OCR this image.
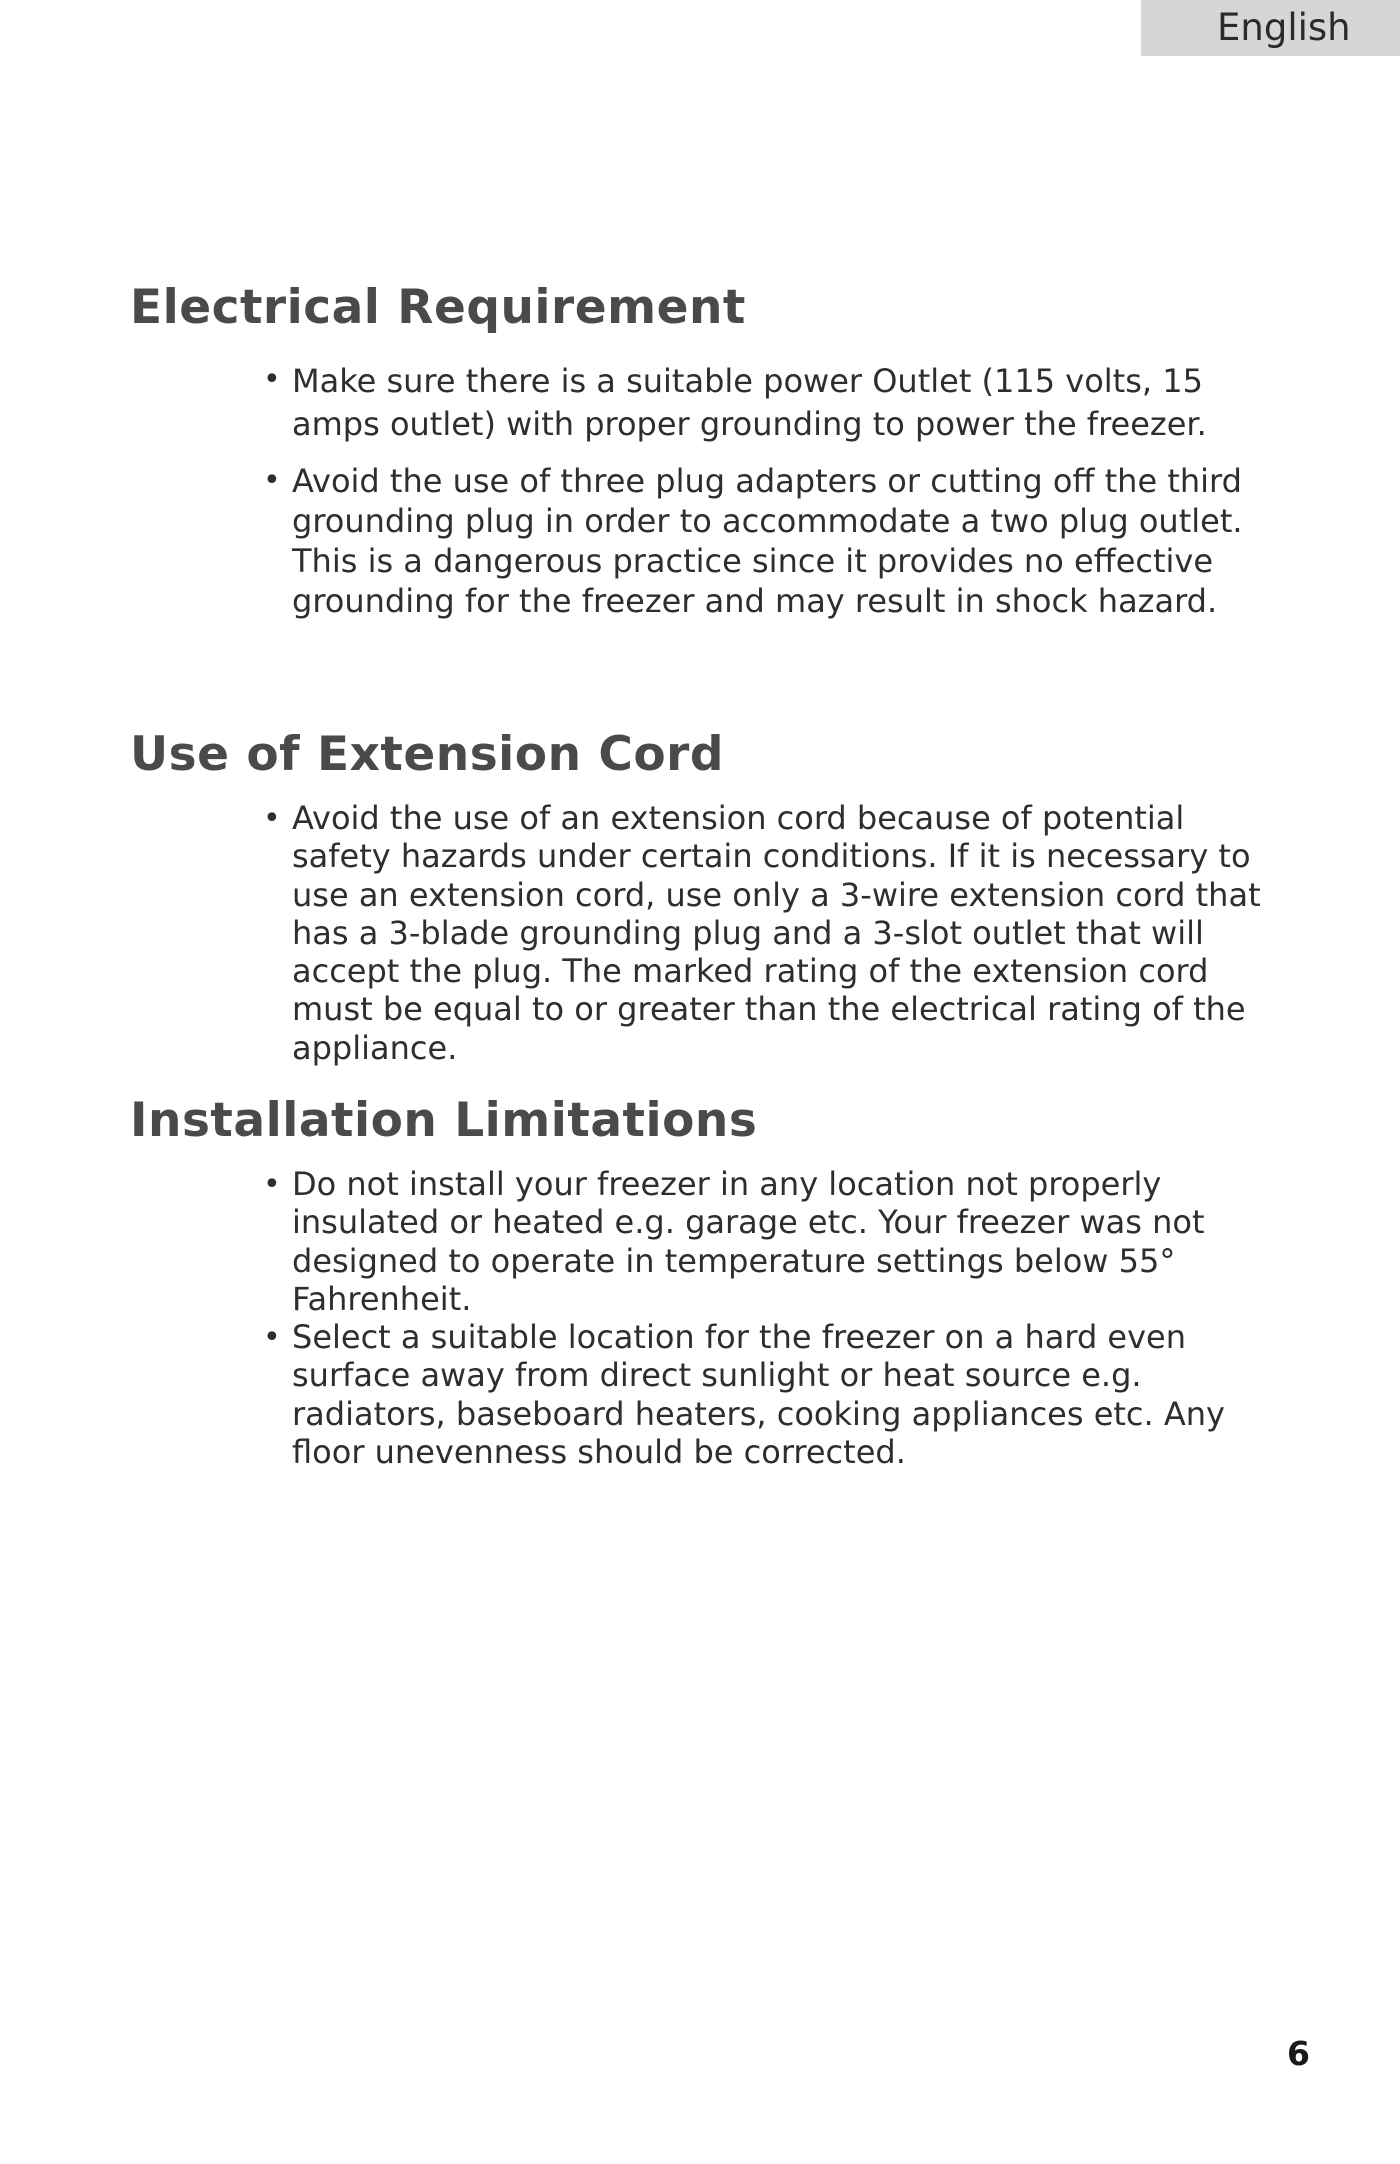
English
Electrical Requirement
• Make sure there is a suitable power Outlet (115 volts, 15 amps outlet) with proper grounding to power the freezer.
• Avoid the use of three plug adapters or cutting off the third grounding plug in order to accommodate a two plug outlet. This is a dangerous practice since it provides no effective grounding for the freezer and may result in shock hazard.
Use of Extension Cord
• Avoid the use of an extension cord because of potential safety hazards under certain conditions. If it is necessary to use an extension cord, use only a 3-wire extension cord that has a 3-blade grounding plug and a 3-slot outlet that will accept the plug. The marked rating of the extension cord must be equal to or greater than the electrical rating of the appliance.
Installation Limitations
• Do not install your freezer in any location not properly insulated or heated e.g. garage etc. Your freezer was not designed to operate in temperature settings below 55° Fahrenheit.
• Select a suitable location for the freezer on a hard even surface away from direct sunlight or heat source e.g. radiators, baseboard heaters, cooking appliances etc. Any floor unevenness should be corrected.
6
